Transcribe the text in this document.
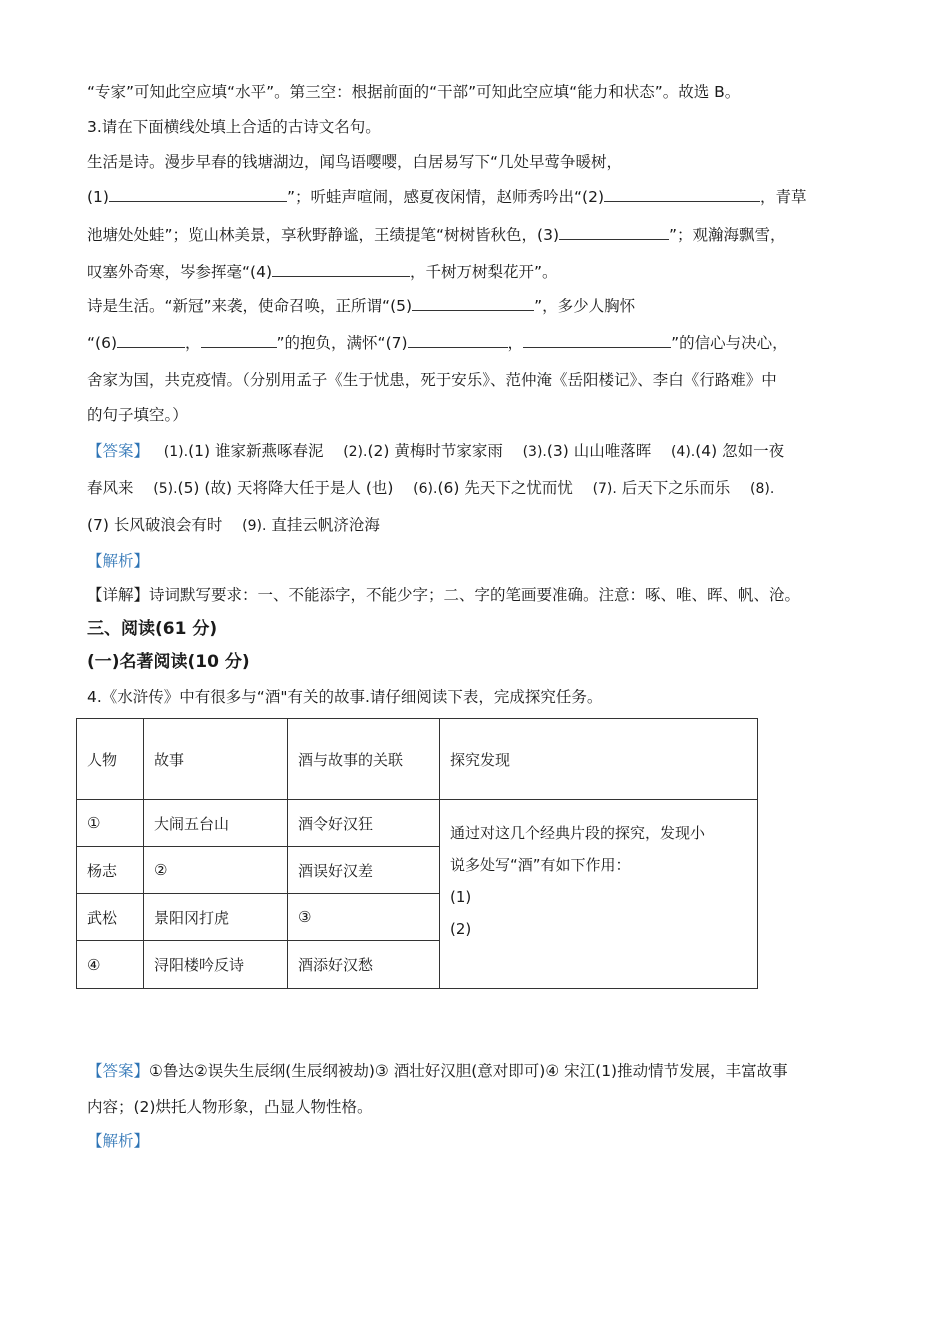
“专家”可知此空应填“水平”。第三空：根据前面的“干部”可知此空应填“能力和状态”。故选 B。
3.请在下面横线处填上合适的古诗文名句。
生活是诗。漫步早春的钱塘湖边，闻鸟语嘤嘤，白居易写下“几处早莺争暖树，
(1)	”；听蛙声喧闹，感夏夜闲情，赵师秀吟出“(2)	，青草
池塘处处蛙”；览山林美景，享秋野静谧，王绩提笔“树树皆秋色，(3)	”；观瀚海飘雪，
叹塞外奇寒，岑参挥毫“(4)	，千树万树梨花开”。
诗是生活。“新冠”来袭，使命召唤，正所谓“(5)	”，多少人胸怀
“(6)	，	”的抱负，满怀“(7)	，	”的信心与决心，
舍家为国，共克疫情。（分别用孟子《生于忧患，死于安乐》、范仲淹《岳阳楼记》、李白《行路难》中
的句子填空。）
【答案】 (1).(1) 谁家新燕啄春泥 (2).(2) 黄梅时节家家雨 (3).(3) 山山唯落晖 (4).(4) 忽如一夜
春风来 (5).(5) (故) 天将降大任于是人 (也) (6).(6) 先天下之忧而忧 (7). 后天下之乐而乐 (8).
(7) 长风破浪会有时 (9). 直挂云帆济沧海
【解析】
【详解】诗词默写要求：一、不能添字，不能少字；二、字的笔画要准确。注意：啄、唯、晖、帆、沧。
三、阅读(61 分)
(一)名著阅读(10 分)
4.《水浒传》中有很多与“酒"有关的故事.请仔细阅读下表，完成探究任务。
人物	故事	酒与故事的关联	探究发现
①	大闹五台山	酒令好汉狂	通过对这几个经典片段的探究，发现小
说多处写“酒”有如下作用：
(1)
(2)

杨志	②	酒误好汉差	
武松	景阳冈打虎	③	
④	浔阳楼吟反诗	酒添好汉愁	
【答案】①鲁达②误失生辰纲(生辰纲被劫)③ 酒壮好汉胆(意对即可)④ 宋江(1)推动情节发展，丰富故事
内容；(2)烘托人物形象，凸显人物性格。
【解析】
